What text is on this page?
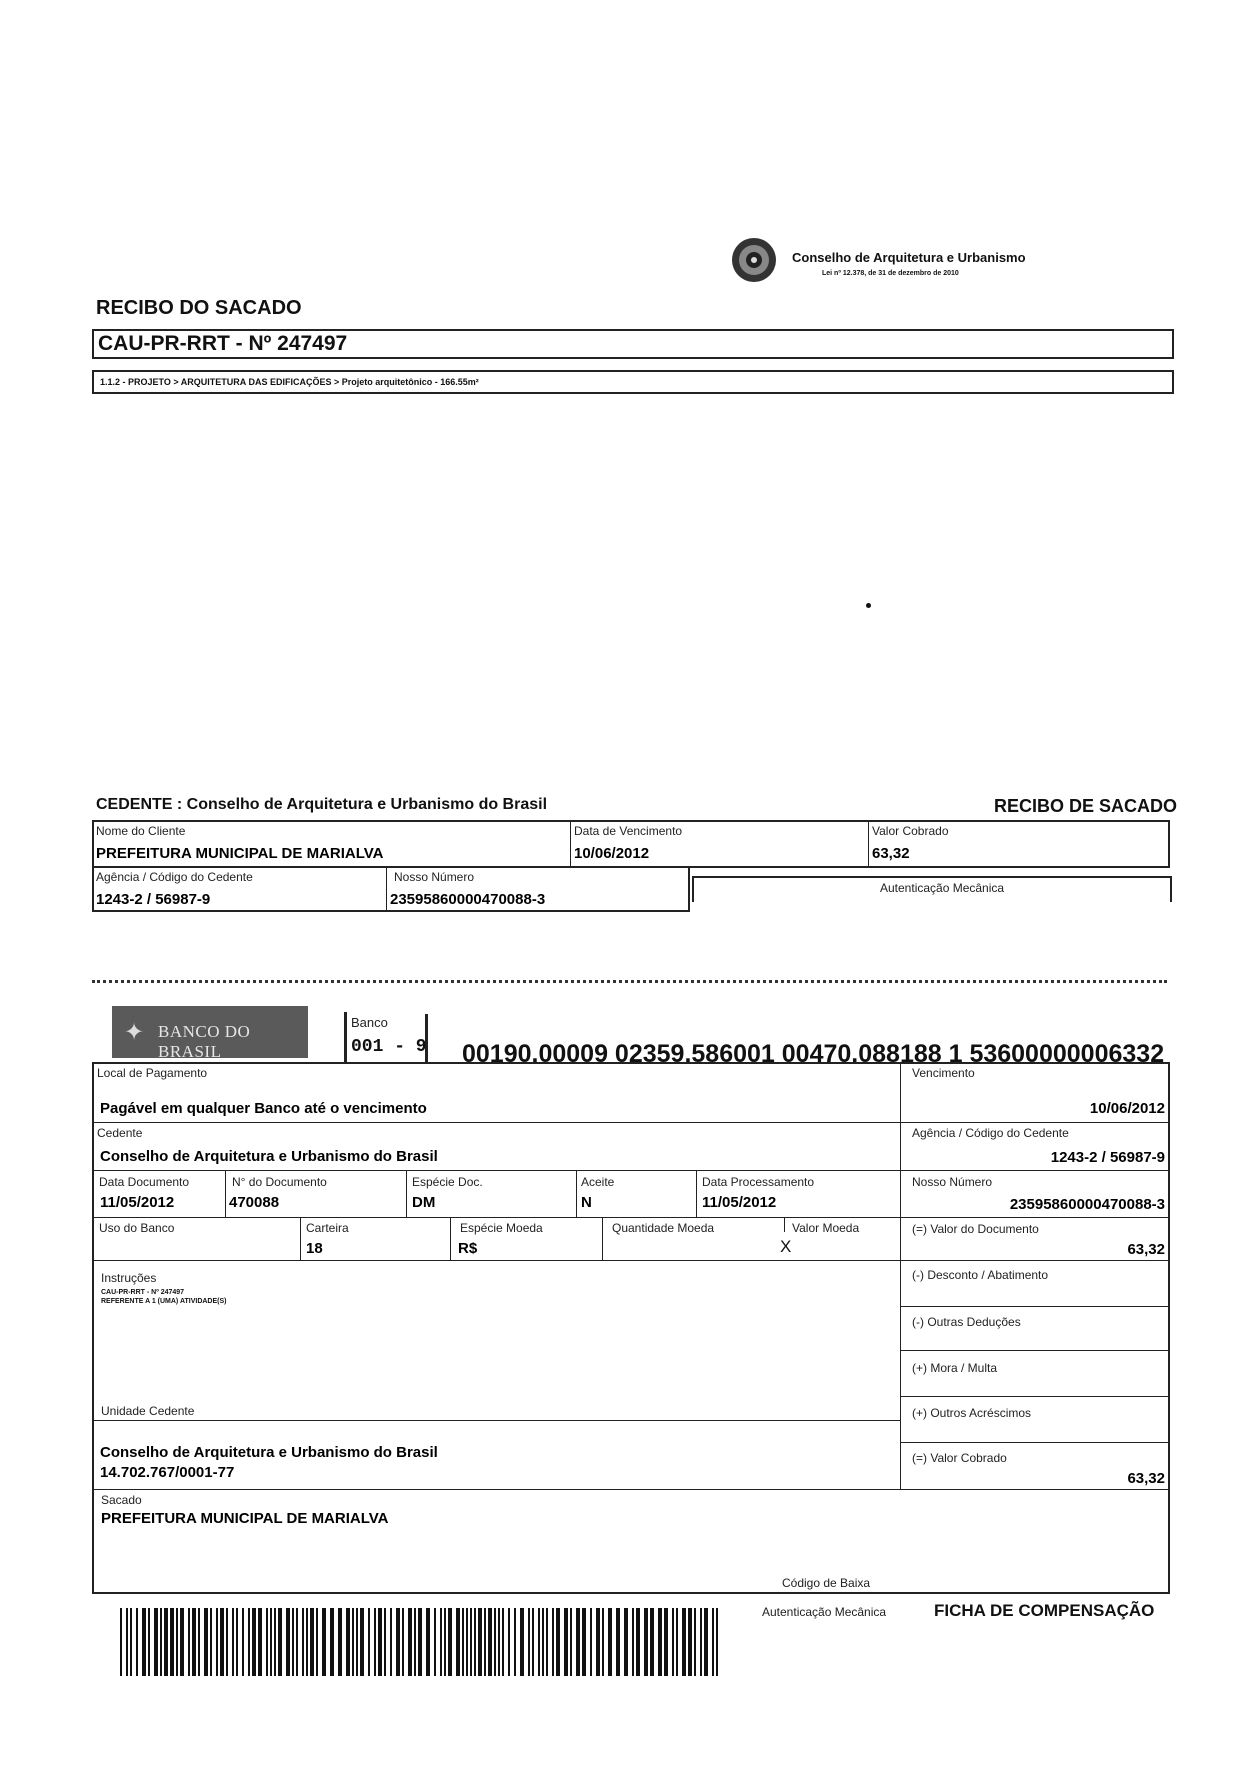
Conselho de Arquitetura e Urbanismo
Lei nº 12.378, de 31 de dezembro de 2010
RECIBO DO SACADO
CAU-PR-RRT - Nº 247497
1.1.2 - PROJETO > ARQUITETURA DAS EDIFICAÇÕES > Projeto arquitetônico - 166.55m²
CEDENTE : Conselho de Arquitetura e Urbanismo do Brasil	RECIBO DE SACADO
Nome do Cliente
PREFEITURA MUNICIPAL DE MARIALVA
Data de Vencimento
10/06/2012
Valor Cobrado
63,32
Agência / Código do Cedente
1243-2 / 56987-9
Nosso Número
23595860000470088-3
Autenticação Mecânica
✦ BANCO DO BRASIL
Banco
001 - 9 00190.00009 02359.586001 00470.088188 1 53600000006332
Local de Pagamento
Pagável em qualquer Banco até o vencimento
Vencimento
10/06/2012
Cedente
Conselho de Arquitetura e Urbanismo do Brasil
Agência / Código do Cedente
1243-2 / 56987-9
Data Documento
11/05/2012
N° do Documento
470088
Espécie Doc.
DM
Aceite
N
Data Processamento
11/05/2012
Nosso Número
23595860000470088-3
Uso do Banco	Carteira
18
Espécie Moeda
R$
Quantidade Moeda	Valor Moeda
X
(=) Valor do Documento
63,32
Instruções
CAU-PR-RRT - Nº 247497
REFERENTE A 1 (UMA) ATIVIDADE(S)
(-) Desconto / Abatimento
(-) Outras Deduções
(+) Mora / Multa
Unidade Cedente	(+) Outros Acréscimos
Conselho de Arquitetura e Urbanismo do Brasil
14.702.767/0001-77
(=) Valor Cobrado
63,32
Sacado
PREFEITURA MUNICIPAL DE MARIALVA
Código de Baixa
Autenticação Mecânica	FICHA DE COMPENSAÇÃO
